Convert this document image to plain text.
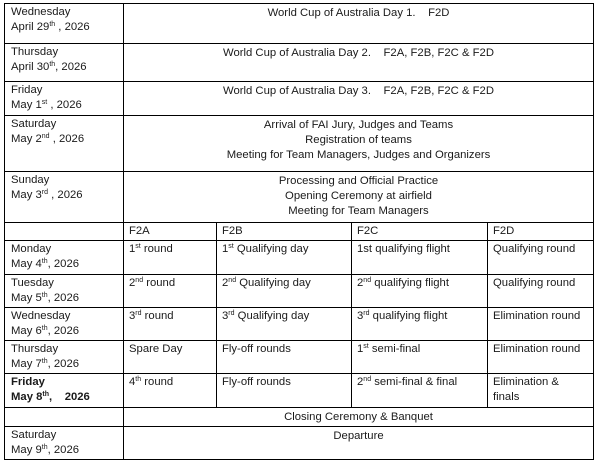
Wednesday
April 29th , 2026	World Cup of Australia Day 1.    F2D			

Thursday
April 30th, 2026	World Cup of Australia Day 2.    F2A, F2B, F2C & F2D			

Friday
May 1st , 2026	World Cup of Australia Day 3.    F2A, F2B, F2C & F2D			

Saturday
May 2nd , 2026	Arrival of FAI Jury, Judges and Teams
Registration of teams
Meeting for Team Managers, Judges and Organizers			

Sunday
May 3rd , 2026	Processing and Official Practice
Opening Ceremony at airfield
Meeting for Team Managers			

	F2A	F2B	F2C	F2D

Monday
May 4th, 2026	1st round	1st Qualifying day	1st qualifying flight	Qualifying round

Tuesday
May 5th, 2026	2nd round	2nd Qualifying day	2nd qualifying flight	Qualifying round

Wednesday
May 6th, 2026	3rd round	3rd Qualifying day	3rd qualifying flight	Elimination round

Thursday
May 7th, 2026	Spare Day	Fly-off rounds	1st semi-final	Elimination round

Friday
May 8th,    2026	4th round	Fly-off rounds	2nd semi-final & final	Elimination & finals
	Closing Ceremony & Banquet			

Saturday
May 9th, 2026	Departure			
